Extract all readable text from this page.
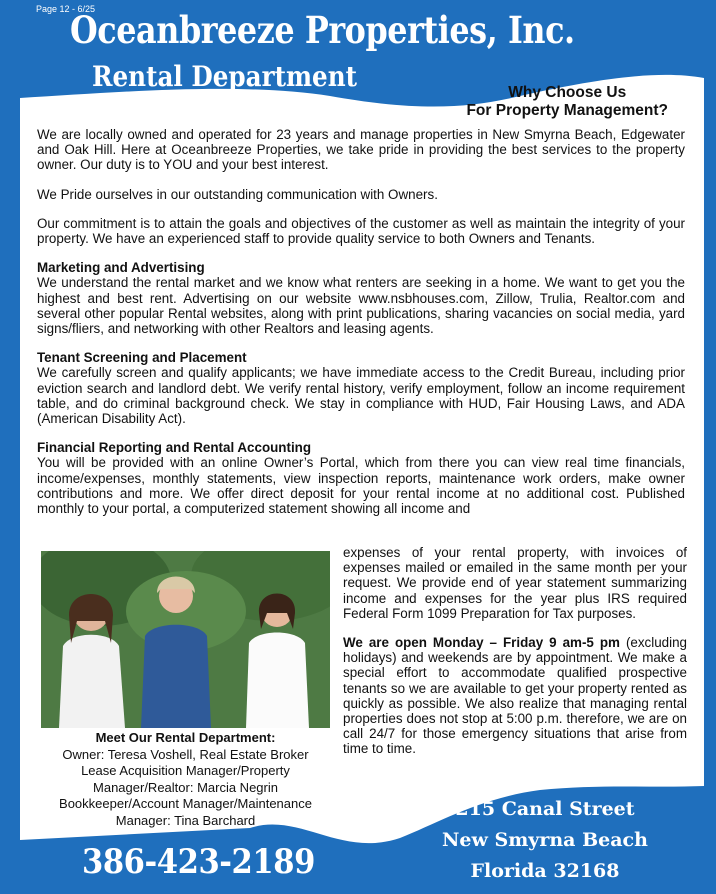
Page 12 - 6/25
Oceanbreeze Properties, Inc.
Rental Department	Why Choose Us
For Property Management?

We are locally owned and operated for 23 years and manage properties in New Smyrna Beach, Edgewater and Oak Hill. Here at Oceanbreeze Properties, we take pride in providing the best services to the property owner. Our duty is to YOU and your best interest.

We Pride ourselves in our outstanding communication with Owners.

Our commitment is to attain the goals and objectives of the customer as well as maintain the integrity of your property. We have an experienced staff to provide quality service to both Owners and Tenants.

Marketing and Advertising

We understand the rental market and we know what renters are seeking in a home. We want to get you the highest and best rent. Advertising on our website www.nsbhouses.com, Zillow, Trulia, Realtor.com and several other popular Rental websites, along with print publications, sharing vacancies on social media, yard signs/fliers, and networking with other Realtors and leasing agents.

Tenant Screening and Placement

We carefully screen and qualify applicants; we have immediate access to the Credit Bureau, including prior eviction search and landlord debt. We verify rental history, verify employment, follow an income requirement table, and do criminal background check. We stay in compliance with HUD, Fair Housing Laws, and ADA (American Disability Act).

Financial Reporting and Rental Accounting

You will be provided with an online Owner’s Portal, which from there you can view real time financials, income/expenses, monthly statements, view inspection reports, maintenance work orders, make owner contributions and more. We offer direct deposit for your rental income at no additional cost. Published monthly to your portal, a computerized statement showing all income and

Meet Our Rental Department:
Owner: Teresa Voshell, Real Estate Broker
Lease Acquisition Manager/Property
Manager/Realtor: Marcia Negrin
Bookkeeper/Account Manager/Maintenance
Manager: Tina Barchard

expenses of your rental property, with invoices of expenses mailed or emailed in the same month per your request. We provide end of year statement summarizing income and expenses for the year plus IRS required Federal Form 1099 Preparation for Tax purposes.

We are open Monday – Friday 9 am-5 pm (excluding holidays) and weekends are by appointment. We make a special effort to accommodate qualified prospective tenants so we are available to get your property rented as quickly as possible. We also realize that managing rental properties does not stop at 5:00 p.m. therefore, we are on call 24/7 for those emergency situations that arise from time to time.

215 Canal Street
New Smyrna Beach
Florida 32168
386-423-2189
